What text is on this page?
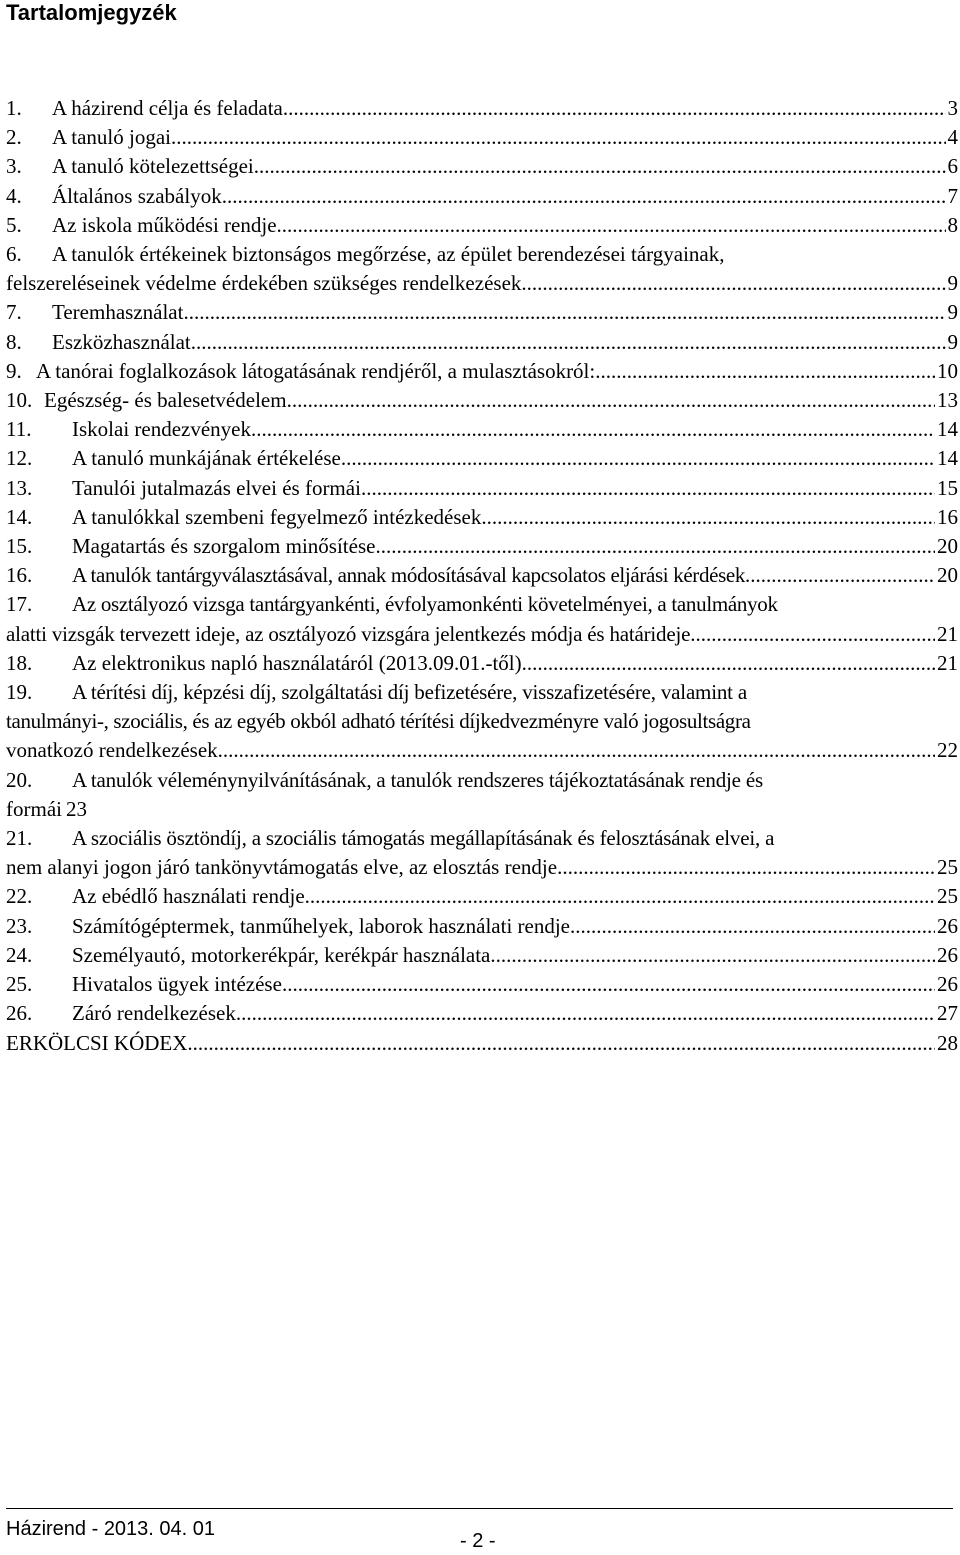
Tartalomjegyzék
1.	A házirend célja és feladata .....	3
2.	A tanuló jogai .....	4
3.	A tanuló kötelezettségei .....	6
4.	Általános szabályok .....	7
5.	Az iskola működési rendje .....	8
6. A tanulók értékeinek biztonságos megőrzése, az épület berendezései tárgyainak,
felszereléseinek védelme érdekében szükséges rendelkezések. .....	9
7.	Teremhasználat .....	9
8.	Eszközhasználat .....	9
9. A tanórai foglalkozások látogatásának rendjéről, a mulasztásokról: .....	10
10. Egészség- és balesetvédelem .....	13
11.	Iskolai rendezvények .....	14
12.	A tanuló munkájának értékelése .....	14
13.	Tanulói jutalmazás elvei és formái .....	15
14.	A tanulókkal szembeni fegyelmező intézkedések .....	16
15.	Magatartás és szorgalom minősítése .....	20
16.	A tanulók tantárgyválasztásával, annak módosításával kapcsolatos eljárási kérdések .....	20
17. Az osztályozó vizsga tantárgyankénti, évfolyamonkénti követelményei, a tanulmányok
alatti vizsgák tervezett ideje, az osztályozó vizsgára jelentkezés módja és határideje .....	21
18.	Az elektronikus napló használatáról (2013.09.01.-től) .....	21
19. A térítési díj, képzési díj, szolgáltatási díj befizetésére, visszafizetésére, valamint a
tanulmányi-, szociális, és az egyéb okból adható térítési díjkedvezményre való jogosultságra
vonatkozó rendelkezések .....	22
20. A tanulók véleménynyilvánításának, a tanulók rendszeres tájékoztatásának rendje és
formái 23
21. A szociális ösztöndíj, a szociális támogatás megállapításának és felosztásának elvei, a
nem alanyi jogon járó tankönyvtámogatás elve, az elosztás rendje .....	25
22.	Az ebédlő használati rendje .....	25
23.	Számítógéptermek, tanműhelyek, laborok használati rendje .....	26
24.	Személyautó, motorkerékpár, kerékpár használata .....	26
25.	Hivatalos ügyek intézése .....	26
26.	Záró rendelkezések .....	27
ERKÖLCSI KÓDEX .....	28
Házirend - 2013. 04. 01
- 2 -
